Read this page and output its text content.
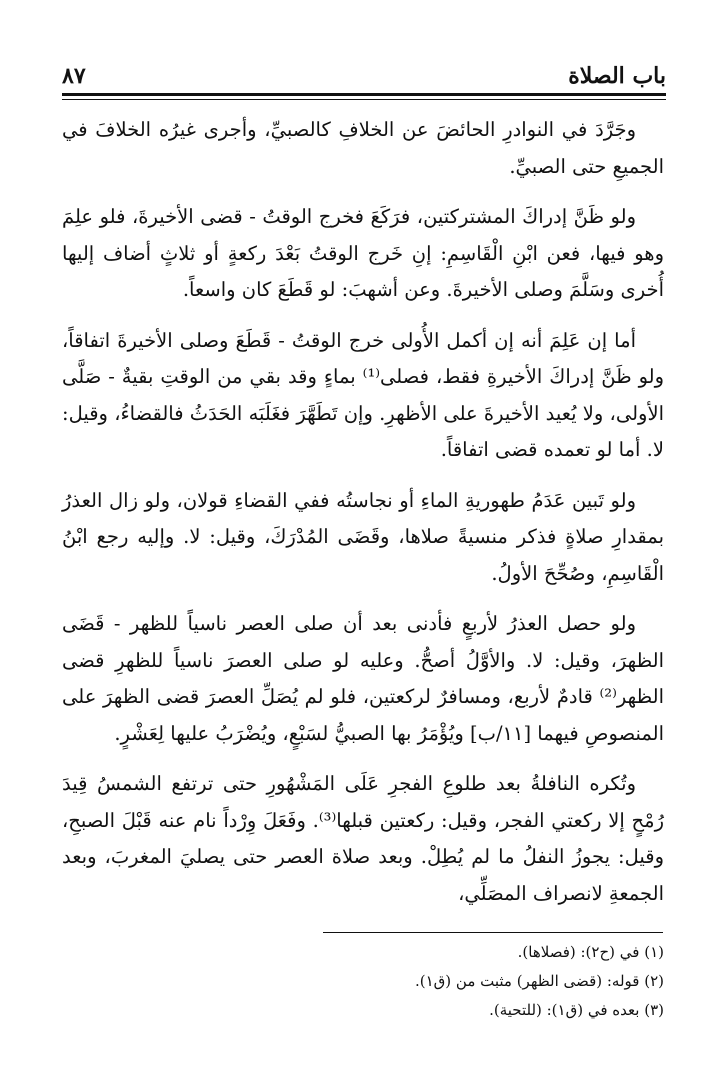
باب الصلاة
٨٧

وجَرَّدَ في النوادرِ الحائضَ عن الخلافِ كالصبيِّ، وأجرى غيرُه الخلافَ في الجميعِ حتى الصبيِّ.

ولو ظَنَّ إدراكَ المشتركتين، فرَكَعَ فخرج الوقتُ - قضى الأخيرةَ، فلو علِمَ وهو فيها، فعن ابْنِ الْقَاسِمِ: إنِ خَرج الوقتُ بَعْدَ ركعةٍ أو ثلاثٍ أضاف إليها أُخرى وسَلَّمَ وصلى الأخيرةَ. وعن أشهبَ: لو قَطَعَ كان واسعاً.

أما إن عَلِمَ أنه إن أكمل الأُولى خرج الوقتُ - قَطَعَ وصلى الأخيرةَ اتفاقاً، ولو ظَنَّ إدراكَ الأخيرةِ فقط، فصلى⁽¹⁾ بماءٍ وقد بقي من الوقتِ بقيةٌ - صَلَّى الأولى، ولا يُعيد الأخيرةَ على الأظهرِ. وإن تَطَهَّرَ فغَلَبَه الحَدَثُ فالقضاءُ، وقيل: لا. أما لو تعمده قضى اتفاقاً.

ولو تَبين عَدَمُ طهوريةِ الماءِ أو نجاستُه ففي القضاءِ قولان، ولو زال العذرُ بمقدارِ صلاةٍ فذكر منسيةً صلاها، وقَضَى المُدْرَكَ، وقيل: لا. وإليه رجع ابْنُ الْقَاسِمِ، وصُحِّحَ الأولُ.

ولو حصل العذرُ لأربعٍ فأدنى بعد أن صلى العصر ناسياً للظهر - قَضَى الظهرَ، وقيل: لا. والأوَّلُ أصحُّ. وعليه لو صلى العصرَ ناسياً للظهرِ قضى الظهر⁽²⁾ قادمٌ لأربع، ومسافرٌ لركعتين، فلو لم يُصَلِّ العصرَ قضى الظهرَ على المنصوصِ فيهما [١١/ب] ويُؤْمَرُ بها الصبيُّ لسَبْعٍ، ويُضْرَبُ عليها لِعَشْرٍ.

وتُكره النافلةُ بعد طلوعِ الفجرِ عَلَى المَشْهُورِ حتى ترتفع الشمسُ قِيدَ رُمْحٍ إلا ركعتي الفجر، وقيل: ركعتين قبلها⁽³⁾. وفَعَلَ وِرْداً نام عنه قَبْلَ الصبحِ، وقيل: يجوزُ النفلُ ما لم يُطِلْ. وبعد صلاة العصر حتى يصليَ المغربَ، وبعد الجمعةِ لانصراف المصَلِّي،

(١) في (ح٢): (فصلاها).
(٢) قوله: (قضى الظهر) مثبت من (ق١).
(٣) بعده في (ق١): (للتحية).
